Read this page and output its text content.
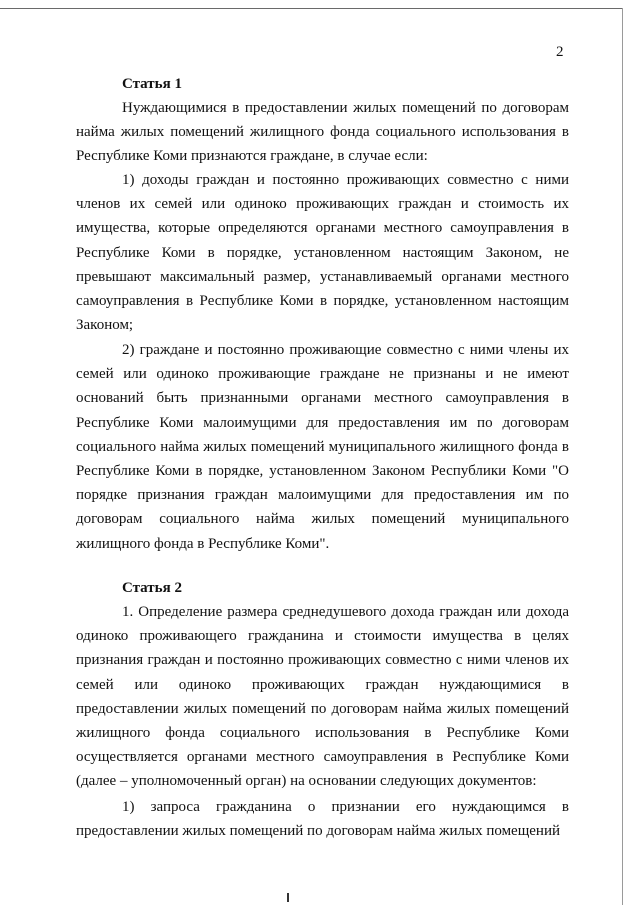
2
Статья 1

Нуждающимися в предоставлении жилых помещений по договорам найма жилых помещений жилищного фонда социального использования в Республике Коми признаются граждане, в случае если:

1) доходы граждан и постоянно проживающих совместно с ними членов их семей или одиноко проживающих граждан и стоимость их имущества, которые определяются органами местного самоуправления в Республике Коми в порядке, установленном настоящим Законом, не превышают максимальный размер, устанавливаемый органами местного самоуправления в Республике Коми в порядке, установленном настоящим Законом;

2) граждане и постоянно проживающие совместно с ними члены их семей или одиноко проживающие граждане не признаны и не имеют оснований быть признанными органами местного самоуправления в Республике Коми малоимущими для предоставления им по договорам социального найма жилых помещений муниципального жилищного фонда в Республике Коми в порядке, установленном Законом Республики Коми "О порядке признания граждан малоимущими для предоставления им по договорам социального найма жилых помещений муниципального жилищного фонда в Республике Коми".

Статья 2

1. Определение размера среднедушевого дохода граждан или дохода одиноко проживающего гражданина и стоимости имущества в целях признания граждан и постоянно проживающих совместно с ними членов их семей или одиноко проживающих граждан нуждающимися в предоставлении жилых помещений по договорам найма жилых помещений жилищного фонда социального использования в Республике Коми осуществляется органами местного самоуправления в Республике Коми (далее – уполномоченный орган) на основании следующих документов:

1) запроса гражданина о признании его нуждающимся в предоставлении жилых помещений по договорам найма жилых помещений
